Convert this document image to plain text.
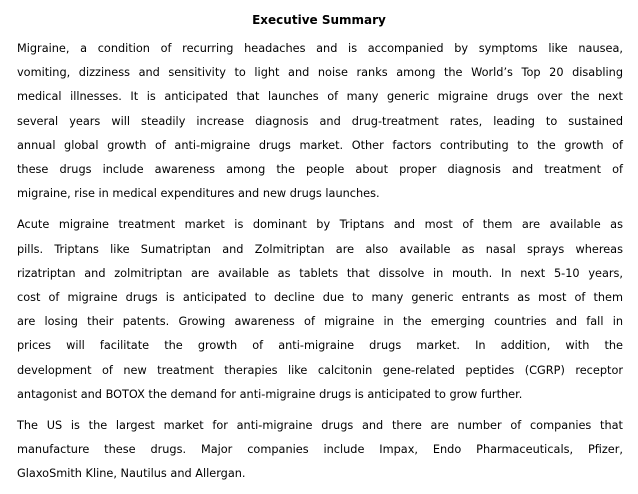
Executive Summary

Migraine, a condition of recurring headaches and is accompanied by symptoms like nausea,
vomiting, dizziness and sensitivity to light and noise ranks among the World’s Top 20 disabling
medical illnesses. It is anticipated that launches of many generic migraine drugs over the next
several years will steadily increase diagnosis and drug-treatment rates, leading to sustained
annual global growth of anti-migraine drugs market. Other factors contributing to the growth of
these drugs include awareness among the people about proper diagnosis and treatment of
migraine, rise in medical expenditures and new drugs launches.

Acute migraine treatment market is dominant by Triptans and most of them are available as
pills. Triptans like Sumatriptan and Zolmitriptan are also available as nasal sprays whereas
rizatriptan and zolmitriptan are available as tablets that dissolve in mouth. In next 5-10 years,
cost of migraine drugs is anticipated to decline due to many generic entrants as most of them
are losing their patents. Growing awareness of migraine in the emerging countries and fall in
prices will facilitate the growth of anti-migraine drugs market. In addition, with the
development of new treatment therapies like calcitonin gene-related peptides (CGRP) receptor
antagonist and BOTOX the demand for anti-migraine drugs is anticipated to grow further.

The US is the largest market for anti-migraine drugs and there are number of companies that
manufacture these drugs. Major companies include Impax, Endo Pharmaceuticals, Pfizer,
GlaxoSmith Kline, Nautilus and Allergan.
